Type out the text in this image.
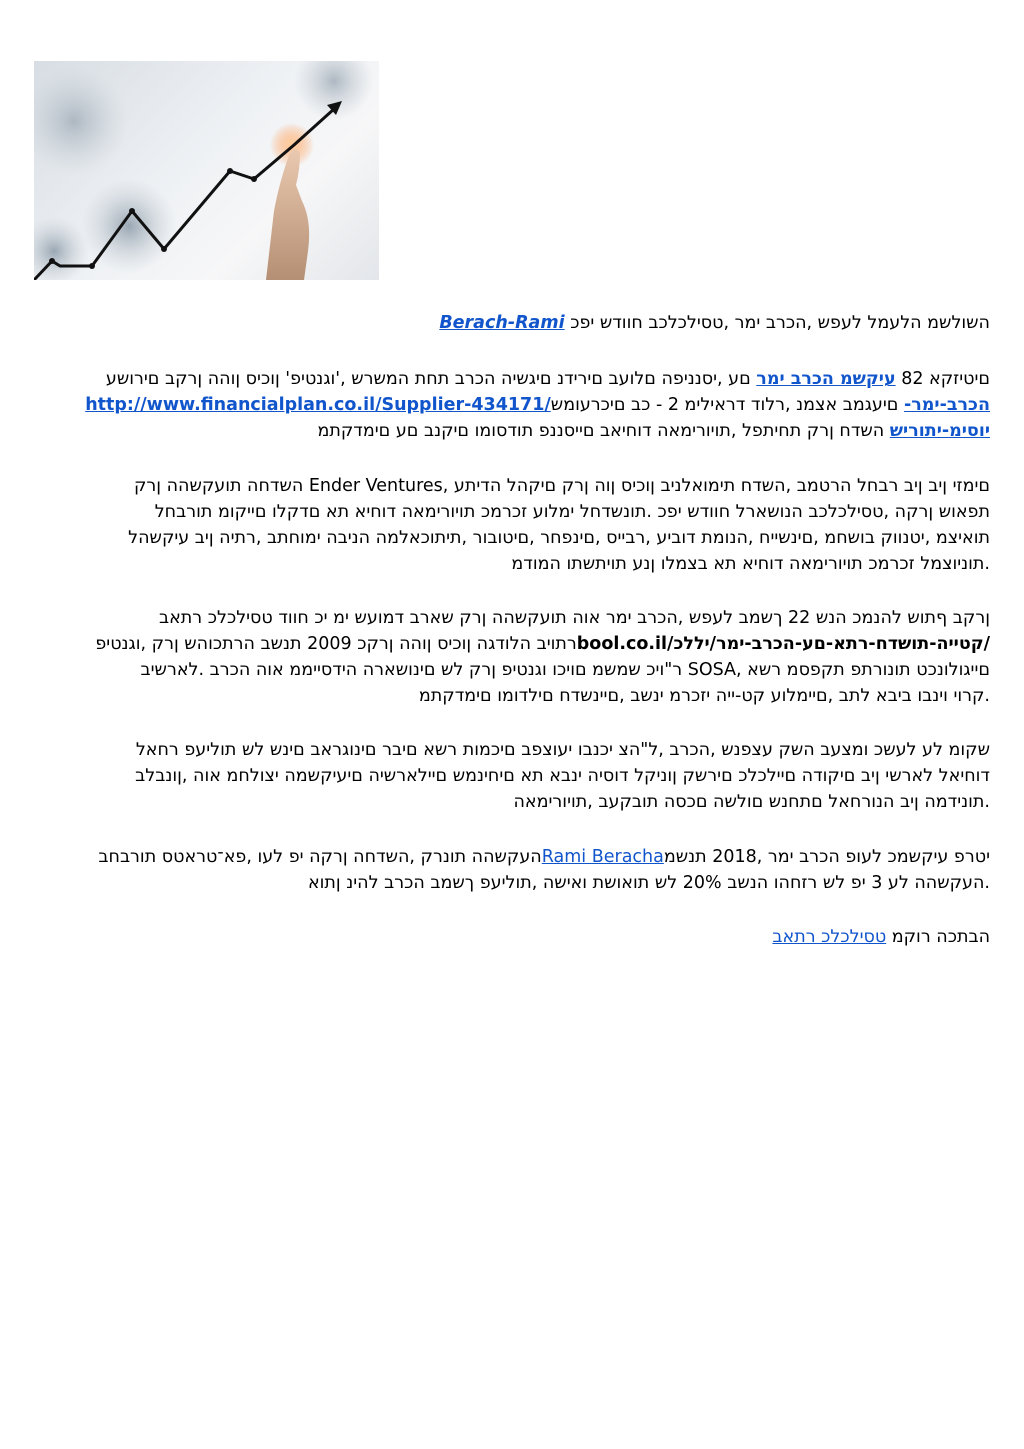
Berach-Rami השולשמ הלעמל לעפש ,הכרב ימר ,טסילכלכב חוודש יפכ
םיטיזקא 82 עיקשמ הכרב ימר םע ,יסנניפה םלועב םירידנ םיגשיה הכרב תחת המשרש ,'וגנטיפ' ןוכיס ןוהה ןרקב םירושע
http://www.financialplan.co.il/Supplier-434171/הכרב-ימר- םיעגמב אצמנ ,רלוד דראילימ 2 - כב םיכרעומש
יוסימ-יתוריש השדח ןרק תחיתפל ,תויורימאה דוחיאב םייסננפ תודסומו םיקנב םע םימדקתמ
םימזי ןיב ןיב רבחל הרטמב ,השדח תימואלניב ןוכיס ןוה ןרק םיקהל הדיתע ,Ender Ventures השדחה תועקשהה ןרק
תפאוש ןרקה ,טסילכלכב הנושארל חוודש יפכ .תונשדחל ימלוע זכרמכ תויורימאה דוחיא תא םדקלו םייקומ תורבחל
תואיצמ ,יטנווק בושחמ ,םינשייח ,הנומת דוביע ,רבייס ,םינפחר ,םיטובור ,תיתוכאלמה הניבה ימוחתב ,רתיה ןיב עיקשהל
.תוניוצמל זכרמכ תויורימאה דוחיא תא בצמלו ןנע תויתשתו המודמ
ןרקב ףתוש להנמכ הנש 22 ךשמב לעפש ,הכרב ימר אוה תועקשהה ןרק שארב דמועש ימ יכ חווד טסילכלכ רתאב
/קטייה-תושדח-רתא-םע-הכרב-ימר/יללכ/bool.co.ilרתויב הלודגה ןוכיס ןוהה ןרקכ 2009 תנשב הרתכוהש ןרק ,וגנטיפ
םייגולונכט תונורתפ תקפסמ רשא ,SOSA ר"ויכ שמשמ םויכו וגנטיפ ןרק לש םינושארה הידסייממ אוה הכרב .לארשיב
.קרוי וינבו ביבא לתב ,םיימלוע קט-ייה יזכרמ ינשב ,םיינשדח םילדומו םימדקתמ
שקומ לע לעשכ ומצעב השק עצפנש ,הכרב ,ל"הצ יכנבו יעוצפב םיכמות רשא םיבר םינוגראב םינש לש תוליעפ רחאל
דוחיאל לארשי ןיב םיקודה םיילכלכ םירשק ןוניקל דוסיה ינבא תא םיחינמש םיילארשיה םיעיקשמה יצולחמ אוה ,ןונבלב
.תונידמה ןיב הנורחאל םתחנש םולשה םכסה תובקעב ,תויורימאה
יטרפ עיקשמכ לעופ הכרב ימר ,2018 תנשמRami Berachaהעקשהה תונרק ,השדחה ןרקה יפ לעו ,פא־טראטס תורבחב
.העקשהה לע 3 יפ לש רזחהו הנשב 20% לש תואושת ואישה ,תוליעפ ךשמב הכרב להינ ןתוא
הבתכה רוקמ טסילכלכ רתאב
